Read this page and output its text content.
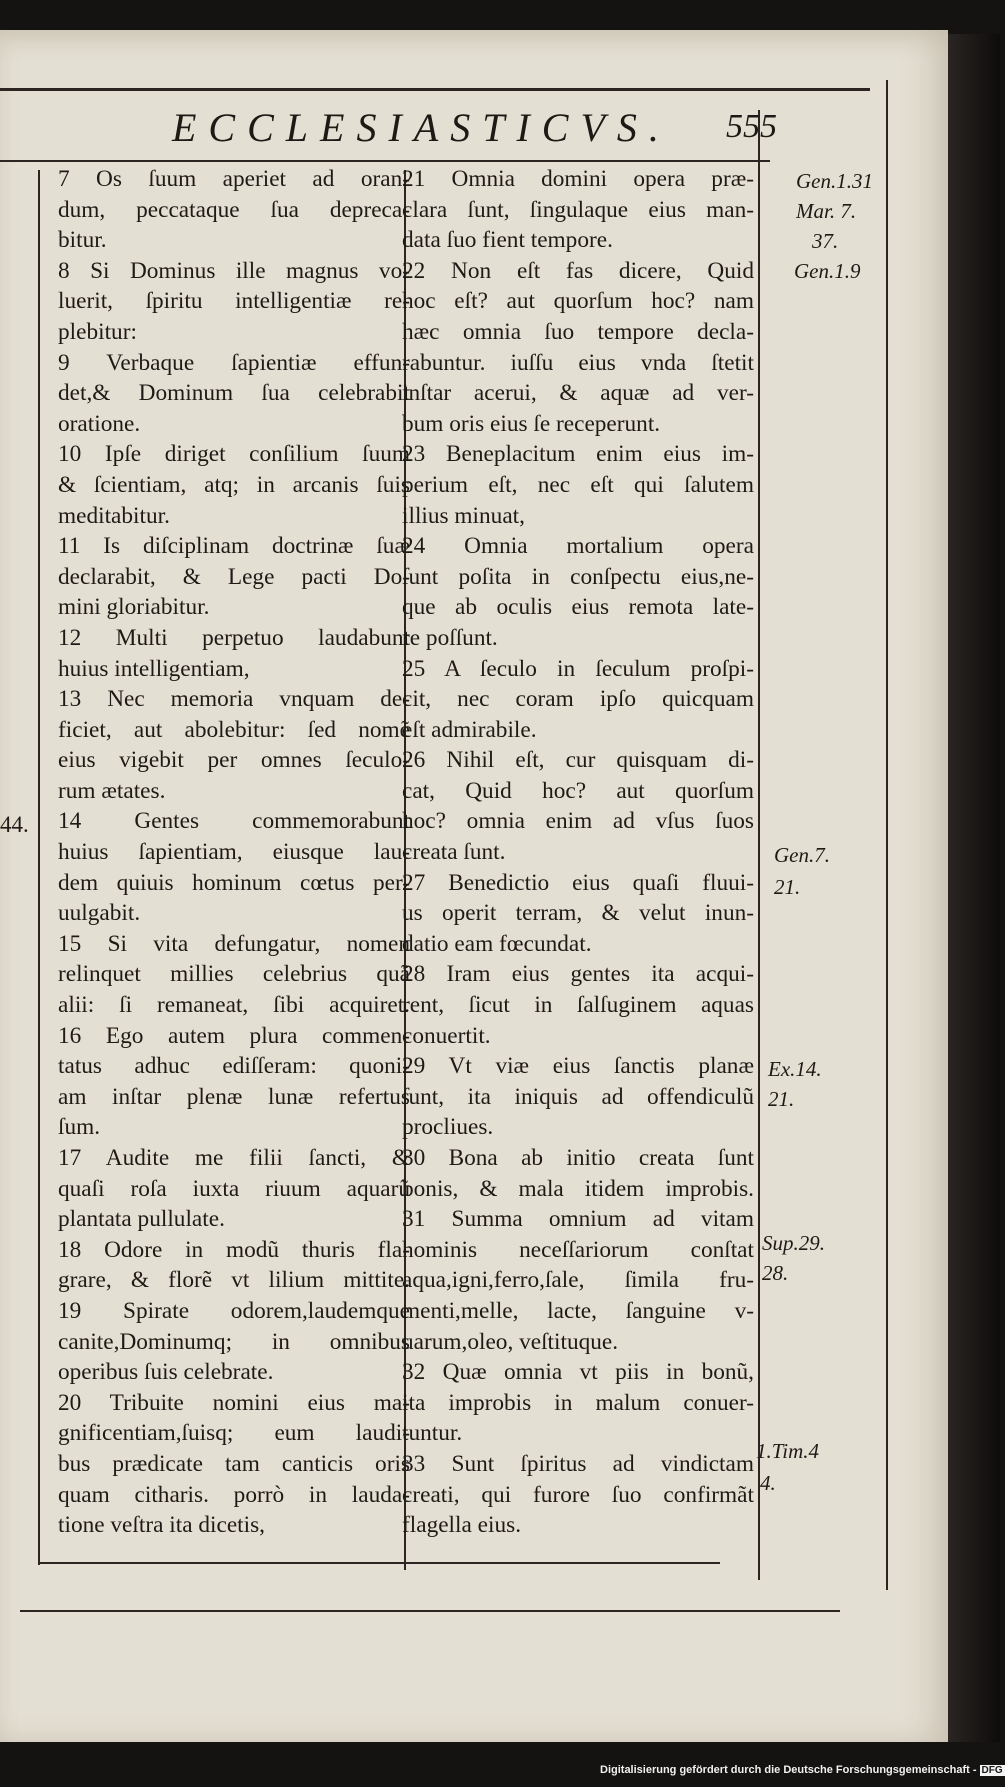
ECCLESIASTICVS. 555
7 Os ſuum aperiet ad oran-
dum, peccataque ſua depreca-
bitur.
8 Si Dominus ille magnus vo-
luerit, ſpiritu intelligentiæ re-
plebitur:
9 Verbaque ſapientiæ effun-
det,& Dominum ſua celebrabit
oratione.
10 Ipſe diriget conſilium ſuum
& ſcientiam, atq; in arcanis ſuis
meditabitur.
11 Is diſciplinam doctrinæ ſuæ
declarabit, & Lege pacti Do-
mini gloriabitur.
12 Multi perpetuo laudabunt
huius intelligentiam,
13 Nec memoria vnquam de-
ficiet, aut abolebitur: ſed nomẽ
eius vigebit per omnes ſeculo-
rum ætates.
14 Gentes commemorabunt
huius ſapientiam, eiusque lau-
dem quiuis hominum cœtus per-
uulgabit.
15 Si vita defungatur, nomen
relinquet millies celebrius quã
alii: ſi remaneat, ſibi acquiret.
16 Ego autem plura commen-
tatus adhuc ediſſeram: quoni-
am inſtar plenæ lunæ refertus
ſum.
17 Audite me filii ſancti, &
quaſi roſa iuxta riuum aquarũ
plantata pullulate.
18 Odore in modũ thuris fla-
grare, & florẽ vt lilium mittite.
19 Spirate odorem,laudemque
canite,Dominumq; in omnibus
operibus ſuis celebrate.
20 Tribuite nomini eius ma-
gnificentiam,ſuisq; eum laudi-
bus prædicate tam canticis oris
quam citharis. porrò in lauda-
tione veſtra ita dicetis,
21 Omnia domini opera præ-
clara ſunt, ſingulaque eius man-
data ſuo fient tempore.
22 Non eſt fas dicere, Quid
hoc eſt? aut quorſum hoc? nam
hæc omnia ſuo tempore decla-
rabuntur. iuſſu eius vnda ſtetit
inſtar acerui, & aquæ ad ver-
bum oris eius ſe receperunt.
23 Beneplacitum enim eius im-
perium eſt, nec eſt qui ſalutem
illius minuat,
24 Omnia mortalium opera
ſunt poſita in conſpectu eius,ne-
que ab oculis eius remota late-
re poſſunt.
25 A ſeculo in ſeculum proſpi-
cit, nec coram ipſo quicquam
eſt admirabile.
26 Nihil eſt, cur quisquam di-
cat, Quid hoc? aut quorſum
hoc? omnia enim ad vſus ſuos
creata ſunt.
27 Benedictio eius quaſi fluui-
us operit terram, & velut inun-
datio eam fœcundat.
28 Iram eius gentes ita acqui-
rent, ſicut in ſalſuginem aquas
conuertit.
29 Vt viæ eius ſanctis planæ
ſunt, ita iniquis ad offendiculũ
procliues.
30 Bona ab initio creata ſunt
bonis, & mala itidem improbis.
31 Summa omnium ad vitam
hominis neceſſariorum conſtat
aqua,igni,ferro,ſale, ſimila fru-
menti,melle, lacte, ſanguine v-
uarum,oleo, veſtituque.
32 Quæ omnia vt piis in bonũ,
ita improbis in malum conuer-
tuntur.
33 Sunt ſpiritus ad vindictam
creati, qui furore ſuo confirmãt
flagella eius.
Gen.1.31
Mar. 7.
37.
Gen.1.9
Gen.7.
21.
Ex.14.
21.
Sup.29.
28.
1.Tim.4
4.
44.
Digitalisierung gefördert durch die Deutsche Forschungsgemeinschaft - DFG
